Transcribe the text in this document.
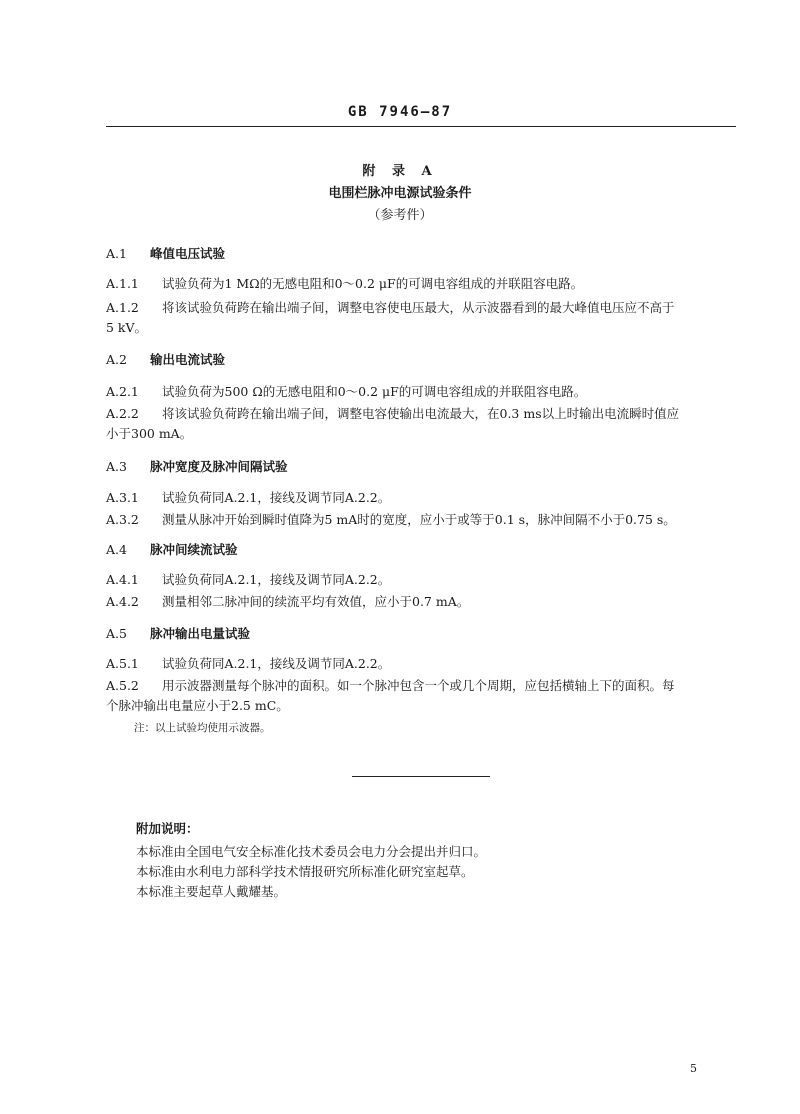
GB 7946—87
附 录 A
电围栏脉冲电源试验条件
（参考件）
A.1 峰值电压试验
A.1.1 试验负荷为1 MΩ的无感电阻和0～0.2 μF的可调电容组成的并联阻容电路。
A.1.2 将该试验负荷跨在输出端子间，调整电容使电压最大，从示波器看到的最大峰值电压应不高于
5 kV。
A.2 输出电流试验
A.2.1 试验负荷为500 Ω的无感电阻和0～0.2 μF的可调电容组成的并联阻容电路。
A.2.2 将该试验负荷跨在输出端子间，调整电容使输出电流最大，在0.3 ms以上时输出电流瞬时值应
小于300 mA。
A.3 脉冲宽度及脉冲间隔试验
A.3.1 试验负荷同A.2.1，接线及调节同A.2.2。
A.3.2 测量从脉冲开始到瞬时值降为5 mA时的宽度，应小于或等于0.1 s，脉冲间隔不小于0.75 s。
A.4 脉冲间续流试验
A.4.1 试验负荷同A.2.1，接线及调节同A.2.2。
A.4.2 测量相邻二脉冲间的续流平均有效值，应小于0.7 mA。
A.5 脉冲输出电量试验
A.5.1 试验负荷同A.2.1，接线及调节同A.2.2。
A.5.2 用示波器测量每个脉冲的面积。如一个脉冲包含一个或几个周期，应包括横轴上下的面积。每
个脉冲输出电量应小于2.5 mC。
注：以上试验均使用示波器。
附加说明：
本标准由全国电气安全标准化技术委员会电力分会提出并归口。
本标准由水利电力部科学技术情报研究所标准化研究室起草。
本标准主要起草人戴耀基。
5
